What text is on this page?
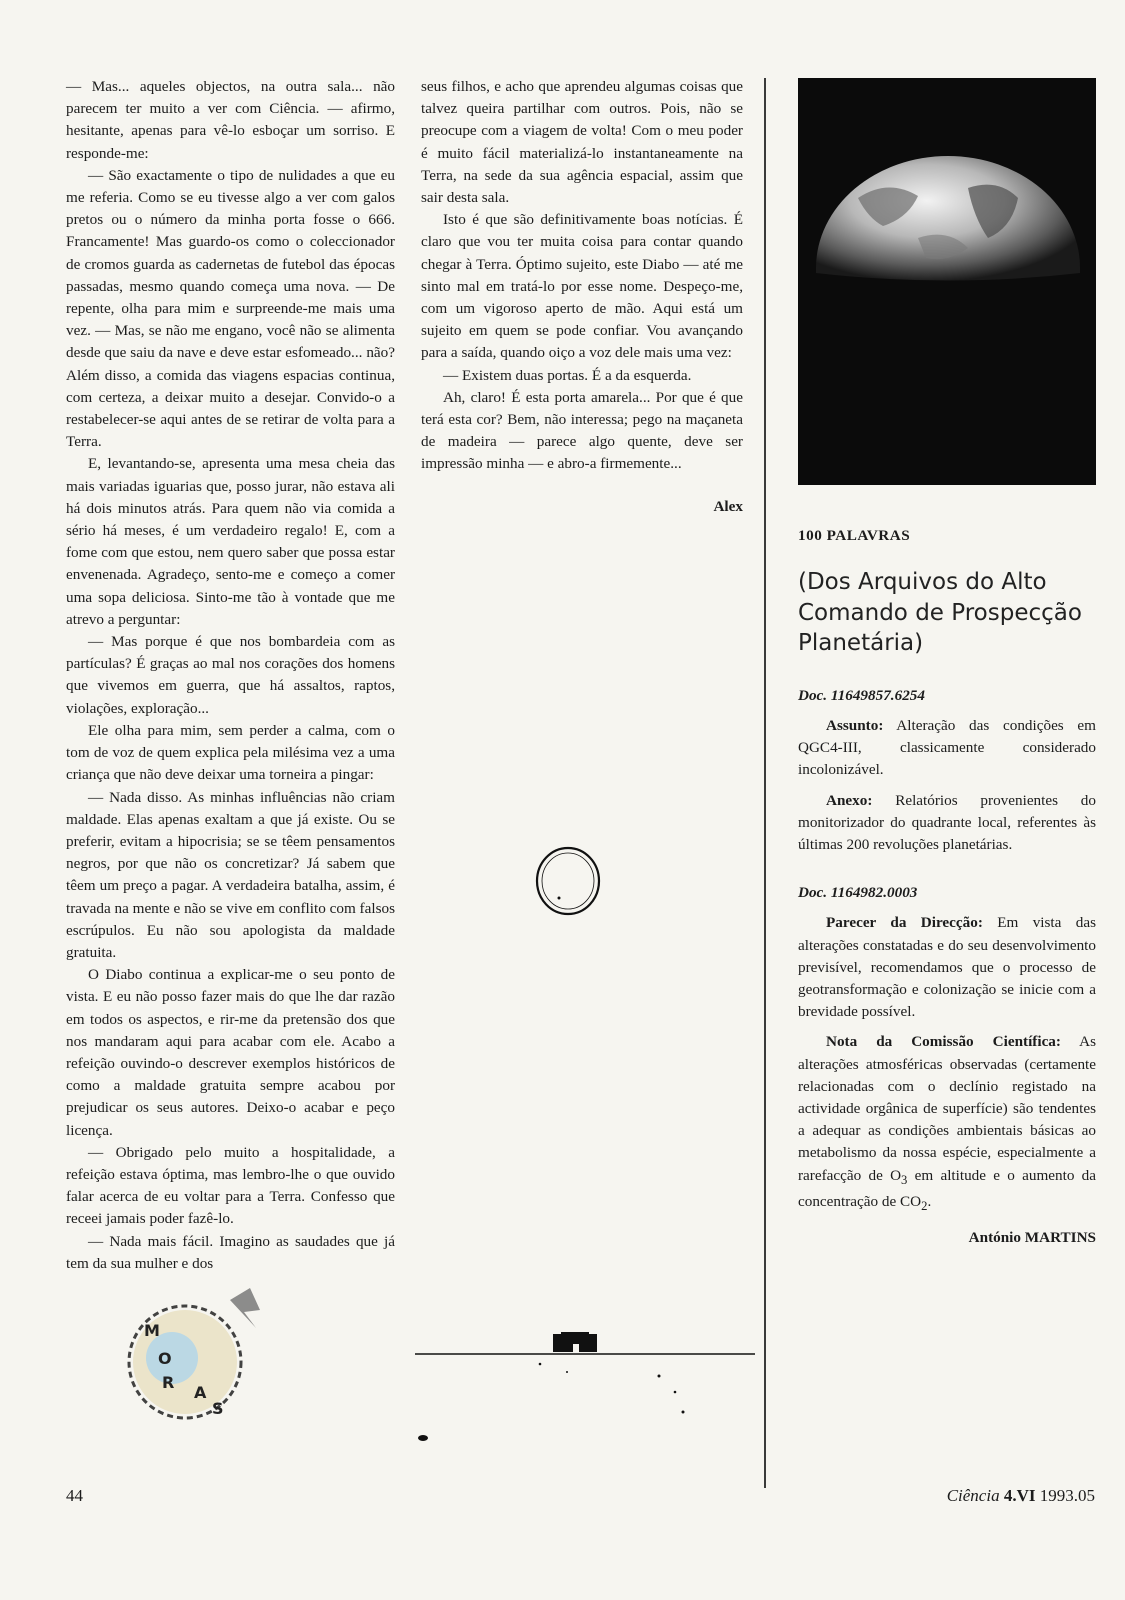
— Mas... aqueles objectos, na outra sala... não parecem ter muito a ver com Ciência. — afirmo, hesitante, apenas para vê-lo esboçar um sorriso. E responde-me:

— São exactamente o tipo de nulidades a que eu me referia. Como se eu tivesse algo a ver com galos pretos ou o número da minha porta fosse o 666. Francamente! Mas guardo-os como o coleccionador de cromos guarda as cadernetas de futebol das épocas passadas, mesmo quando começa uma nova. — De repente, olha para mim e surpreende-me mais uma vez. — Mas, se não me engano, você não se alimenta desde que saiu da nave e deve estar esfomeado... não? Além disso, a comida das viagens espacias continua, com certeza, a deixar muito a desejar. Convido-o a restabelecer-se aqui antes de se retirar de volta para a Terra.

E, levantando-se, apresenta uma mesa cheia das mais variadas iguarias que, posso jurar, não estava ali há dois minutos atrás. Para quem não via comida a sério há meses, é um verdadeiro regalo! E, com a fome com que estou, nem quero saber que possa estar envenenada. Agradeço, sento-me e começo a comer uma sopa deliciosa. Sinto-me tão à vontade que me atrevo a perguntar:

— Mas porque é que nos bombardeia com as partículas? É graças ao mal nos corações dos homens que vivemos em guerra, que há assaltos, raptos, violações, exploração...

Ele olha para mim, sem perder a calma, com o tom de voz de quem explica pela milésima vez a uma criança que não deve deixar uma torneira a pingar:

— Nada disso. As minhas influências não criam maldade. Elas apenas exaltam a que já existe. Ou se preferir, evitam a hipocrisia; se se têem pensamentos negros, por que não os concretizar? Já sabem que têem um preço a pagar. A verdadeira batalha, assim, é travada na mente e não se vive em conflito com falsos escrúpulos. Eu não sou apologista da maldade gratuita.

O Diabo continua a explicar-me o seu ponto de vista. E eu não posso fazer mais do que lhe dar razão em todos os aspectos, e rir-me da pretensão dos que nos mandaram aqui para acabar com ele. Acabo a refeição ouvindo-o descrever exemplos históricos de como a maldade gratuita sempre acabou por prejudicar os seus autores. Deixo-o acabar e peço licença.

— Obrigado pelo muito a hospitalidade, a refeição estava óptima, mas lembro-lhe o que ouvido falar acerca de eu voltar para a Terra. Confesso que receei jamais poder fazê-lo.

— Nada mais fácil. Imagino as saudades que já tem da sua mulher e dos

seus filhos, e acho que aprendeu algumas coisas que talvez queira partilhar com outros. Pois, não se preocupe com a viagem de volta! Com o meu poder é muito fácil materializá-lo instantaneamente na Terra, na sede da sua agência espacial, assim que sair desta sala.

Isto é que são definitivamente boas notícias. É claro que vou ter muita coisa para contar quando chegar à Terra. Óptimo sujeito, este Diabo — até me sinto mal em tratá-lo por esse nome. Despeço-me, com um vigoroso aperto de mão. Aqui está um sujeito em quem se pode confiar. Vou avançando para a saída, quando oiço a voz dele mais uma vez:

— Existem duas portas. É a da esquerda.

Ah, claro! É esta porta amarela... Por que é que terá esta cor? Bem, não interessa; pego na maçaneta de madeira — parece algo quente, deve ser impressão minha — e abro-a firmemente...

Alex

M
O
R
A
S
100 PALAVRAS
(Dos Arquivos do Alto Comando de Prospecção Planetária)
Doc. 11649857.6254

Assunto: Alteração das condições em QGC4-III, classicamente considerado incolonizável.

Anexo: Relatórios provenientes do monitorizador do quadrante local, referentes às últimas 200 revoluções planetárias.

Doc. 1164982.0003

Parecer da Direcção: Em vista das alterações constatadas e do seu desenvolvimento previsível, recomendamos que o processo de geotransformação e colonização se inicie com a brevidade possível.

Nota da Comissão Científica: As alterações atmosféricas observadas (certamente relacionadas com o declínio registado na actividade orgânica de superfície) são tendentes a adequar as condições ambientais básicas ao metabolismo da nossa espécie, especialmente a rarefacção de $O_3$ em altitude e o aumento da concentração de $CO_2$.

António MARTINS

44	Ciência 4.VI 1993.05
